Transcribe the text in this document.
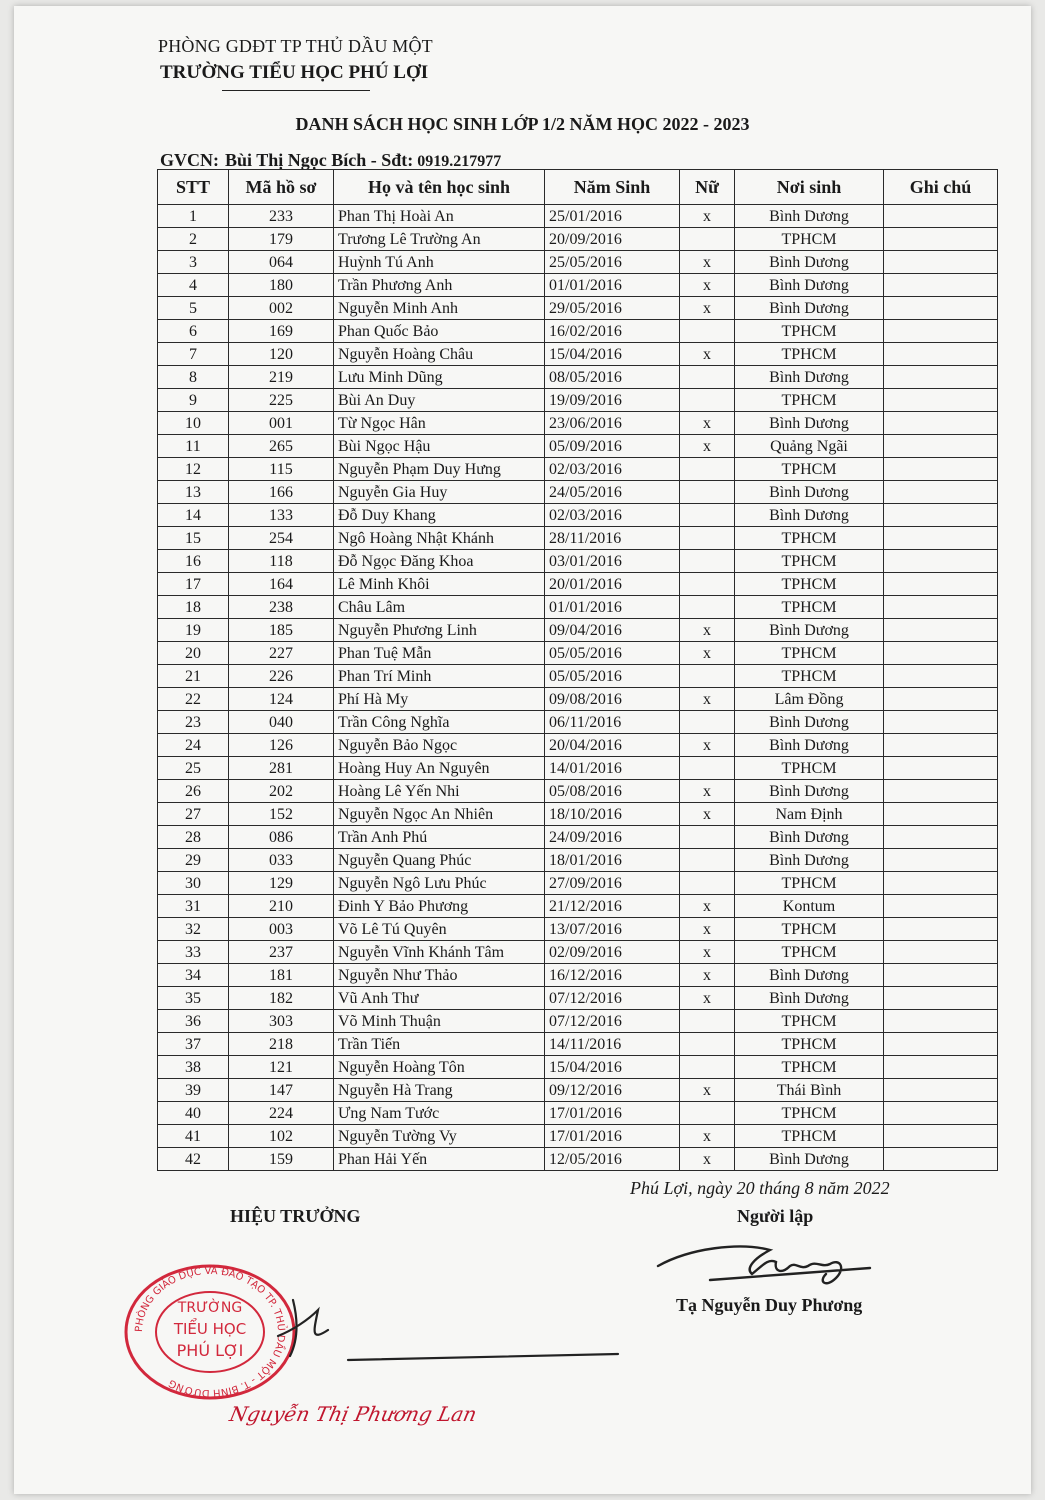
PHÒNG GDĐT TP THỦ DẦU MỘT
TRƯỜNG TIỂU HỌC PHÚ LỢI
DANH SÁCH HỌC SINH LỚP 1/2 NĂM HỌC 2022 - 2023
GVCN: Bùi Thị Ngọc Bích - Sđt: 0919.217977
STT	Mã hồ sơ	Họ và tên học sinh	Năm Sinh	Nữ	Nơi sinh	Ghi chú
1	233	Phan Thị Hoài An	25/01/2016	x	Bình Dương	
2	179	Trương Lê Trường An	20/09/2016		TPHCM	
3	064	Huỳnh Tú Anh	25/05/2016	x	Bình Dương	
4	180	Trần Phương Anh	01/01/2016	x	Bình Dương	
5	002	Nguyễn Minh Anh	29/05/2016	x	Bình Dương	
6	169	Phan Quốc Bảo	16/02/2016		TPHCM	
7	120	Nguyễn Hoàng Châu	15/04/2016	x	TPHCM	
8	219	Lưu Minh Dũng	08/05/2016		Bình Dương	
9	225	Bùi An Duy	19/09/2016		TPHCM	
10	001	Từ Ngọc Hân	23/06/2016	x	Bình Dương	
11	265	Bùi Ngọc Hậu	05/09/2016	x	Quảng Ngãi	
12	115	Nguyễn Phạm Duy Hưng	02/03/2016		TPHCM	
13	166	Nguyễn Gia Huy	24/05/2016		Bình Dương	
14	133	Đỗ Duy Khang	02/03/2016		Bình Dương	
15	254	Ngô Hoàng Nhật Khánh	28/11/2016		TPHCM	
16	118	Đỗ Ngọc Đăng Khoa	03/01/2016		TPHCM	
17	164	Lê Minh Khôi	20/01/2016		TPHCM	
18	238	Châu Lâm	01/01/2016		TPHCM	
19	185	Nguyễn Phương Linh	09/04/2016	x	Bình Dương	
20	227	Phan Tuệ Mẫn	05/05/2016	x	TPHCM	
21	226	Phan Trí Minh	05/05/2016		TPHCM	
22	124	Phí Hà My	09/08/2016	x	Lâm Đồng	
23	040	Trần Công Nghĩa	06/11/2016		Bình Dương	
24	126	Nguyễn Bảo Ngọc	20/04/2016	x	Bình Dương	
25	281	Hoàng Huy An Nguyên	14/01/2016		TPHCM	
26	202	Hoàng Lê Yến Nhi	05/08/2016	x	Bình Dương	
27	152	Nguyễn Ngọc An Nhiên	18/10/2016	x	Nam Định	
28	086	Trần Anh Phú	24/09/2016		Bình Dương	
29	033	Nguyễn Quang Phúc	18/01/2016		Bình Dương	
30	129	Nguyễn Ngô Lưu Phúc	27/09/2016		TPHCM	
31	210	Đinh Y Bảo Phương	21/12/2016	x	Kontum	
32	003	Võ Lê Tú Quyên	13/07/2016	x	TPHCM	
33	237	Nguyễn Vĩnh Khánh Tâm	02/09/2016	x	TPHCM	
34	181	Nguyễn Như Thảo	16/12/2016	x	Bình Dương	
35	182	Vũ Anh Thư	07/12/2016	x	Bình Dương	
36	303	Võ Minh Thuận	07/12/2016		TPHCM	
37	218	Trần Tiến	14/11/2016		TPHCM	
38	121	Nguyễn Hoàng Tôn	15/04/2016		TPHCM	
39	147	Nguyễn Hà Trang	09/12/2016	x	Thái Bình	
40	224	Ưng Nam Tước	17/01/2016		TPHCM	
41	102	Nguyễn Tường Vy	17/01/2016	x	TPHCM	
42	159	Phan Hải Yến	12/05/2016	x	Bình Dương	
Phú Lợi, ngày 20 tháng 8 năm 2022
HIỆU TRƯỞNG	Người lập
Tạ Nguyễn Duy Phương
PHÒNG GIÁO DỤC VÀ ĐÀO TẠO TP. THỦ DẦU MỘT - T. BÌNH DƯƠNG
TRƯỜNG
TIỂU HỌC
PHÚ LỢI
Nguyễn Thị Phương Lan
